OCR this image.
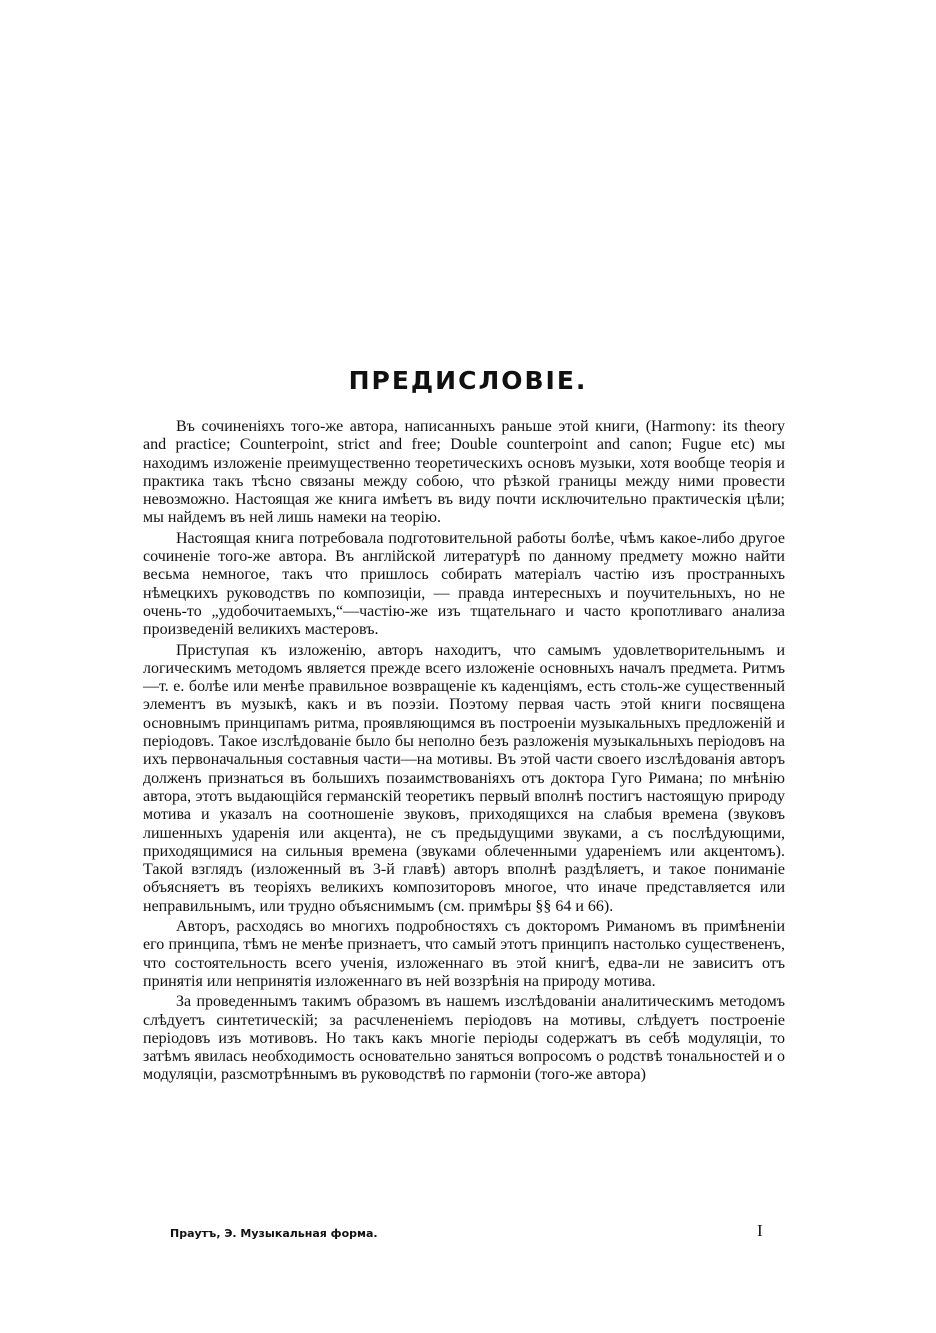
ПРЕДИСЛОВІЕ.

Въ сочиненіяхъ того-же автора, написанныхъ раньше этой книги, (Harmony: its theory and practice; Counterpoint, strict and free; Double counterpoint and canon; Fugue etc) мы находимъ изложеніе преимущественно теоретическихъ основъ музыки, хотя вообще теорія и практика такъ тѣсно связаны между собою, что рѣзкой границы между ними провести невозможно. Настоящая же книга имѣетъ въ виду почти исключительно практическія цѣли; мы найдемъ въ ней лишь намеки на теорію.

Настоящая книга потребовала подготовительной работы болѣе, чѣмъ какое-либо другое сочиненіе того-же автора. Въ англійской литературѣ по данному предмету можно найти весьма немногое, такъ что пришлось собирать матеріалъ частію изъ пространныхъ нѣмецкихъ руководствъ по композиціи, — правда интересныхъ и поучительныхъ, но не очень-то „удобочитаемыхъ,“—частію-же изъ тщательнаго и часто кропотливаго анализа произведеній великихъ мастеровъ.

Приступая къ изложенію, авторъ находитъ, что самымъ удовлетворительнымъ и логическимъ методомъ является прежде всего изложеніе основныхъ началъ предмета. Ритмъ—т. е. болѣе или менѣе правильное возвращеніе къ каденціямъ, есть столь-же существенный элементъ въ музыкѣ, какъ и въ поэзіи. Поэтому первая часть этой книги посвящена основнымъ принципамъ ритма, проявляющимся въ построеніи музыкальныхъ предложеній и періодовъ. Такое изслѣдованіе было бы неполно безъ разложенія музыкальныхъ періодовъ на ихъ первоначальныя составныя части—на мотивы. Въ этой части своего изслѣдованія авторъ долженъ признаться въ большихъ позаимствованіяхъ отъ доктора Гуго Римана; по мнѣнію автора, этотъ выдающійся германскій теоретикъ первый вполнѣ постигъ настоящую природу мотива и указалъ на соотношеніе звуковъ, приходящихся на слабыя времена (звуковъ лишенныхъ ударенія или акцента), не съ предыдущими звуками, а съ послѣдующими, приходящимися на сильныя времена (звуками облеченными удареніемъ или акцентомъ). Такой взглядъ (изложенный въ 3-й главѣ) авторъ вполнѣ раздѣляетъ, и такое пониманіе объясняетъ въ теоріяхъ великихъ композиторовъ многое, что иначе представляется или неправильнымъ, или трудно объяснимымъ (см. примѣры §§ 64 и 66).

Авторъ, расходясь во многихъ подробностяхъ съ докторомъ Риманомъ въ примѣненіи его принципа, тѣмъ не менѣе признаетъ, что самый этотъ принципъ настолько существененъ, что состоятельность всего ученія, изложеннаго въ этой книгѣ, едва-ли не зависитъ отъ принятія или непринятія изложеннаго въ ней воззрѣнія на природу мотива.

За проведеннымъ такимъ образомъ въ нашемъ изслѣдованіи аналитическимъ методомъ слѣдуетъ синтетическій; за расчлененіемъ періодовъ на мотивы, слѣдуетъ построеніе періодовъ изъ мотивовъ. Но такъ какъ многіе періоды содержатъ въ себѣ модуляціи, то затѣмъ явилась необходимость основательно заняться вопросомъ о родствѣ тональностей и о модуляціи, разсмотрѣннымъ въ руководствѣ по гармоніи (того-же автора)

Праутъ, Э. Музыкальная форма.	I
